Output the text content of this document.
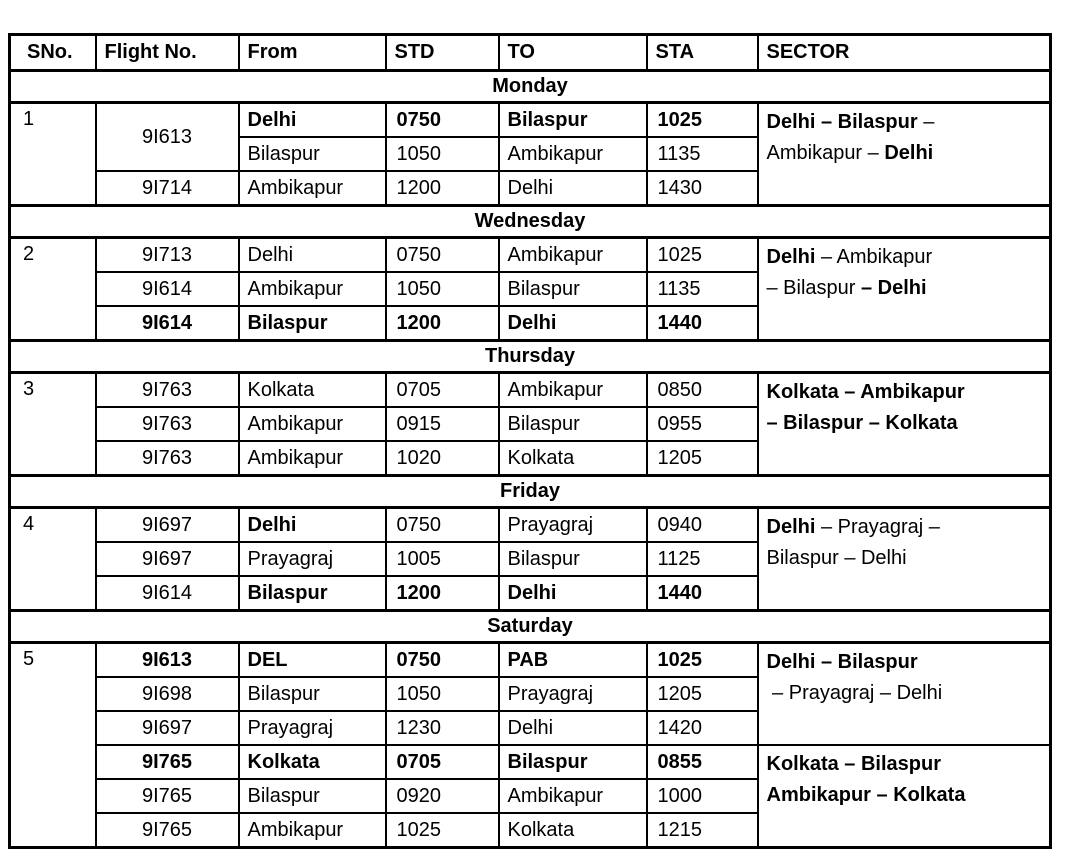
SNo.	Flight No.	From	STD	TO	STA	SECTOR
Monday						
1	9I613	Delhi	0750	Bilaspur	1025	Delhi – Bilaspur –
Ambikapur – Delhi

		Bilaspur	1050	Ambikapur	1135	
	9I714	Ambikapur	1200	Delhi	1430	
Wednesday						
2	9I713	Delhi	0750	Ambikapur	1025	Delhi – Ambikapur
– Bilaspur – Delhi

	9I614	Ambikapur	1050	Bilaspur	1135	
	9I614	Bilaspur	1200	Delhi	1440	
Thursday						
3	9I763	Kolkata	0705	Ambikapur	0850	Kolkata – Ambikapur
– Bilaspur – Kolkata

	9I763	Ambikapur	0915	Bilaspur	0955	
	9I763	Ambikapur	1020	Kolkata	1205	
Friday						
4	9I697	Delhi	0750	Prayagraj	0940	Delhi – Prayagraj –
Bilaspur – Delhi

	9I697	Prayagraj	1005	Bilaspur	1125	
	9I614	Bilaspur	1200	Delhi	1440	
Saturday						
5	9I613	DEL	0750	PAB	1025	Delhi – Bilaspur
– Prayagraj – Delhi

	9I698	Bilaspur	1050	Prayagraj	1205	
	9I697	Prayagraj	1230	Delhi	1420	
	9I765	Kolkata	0705	Bilaspur	0855	Kolkata – Bilaspur
Ambikapur – Kolkata

	9I765	Bilaspur	0920	Ambikapur	1000	
	9I765	Ambikapur	1025	Kolkata	1215	
